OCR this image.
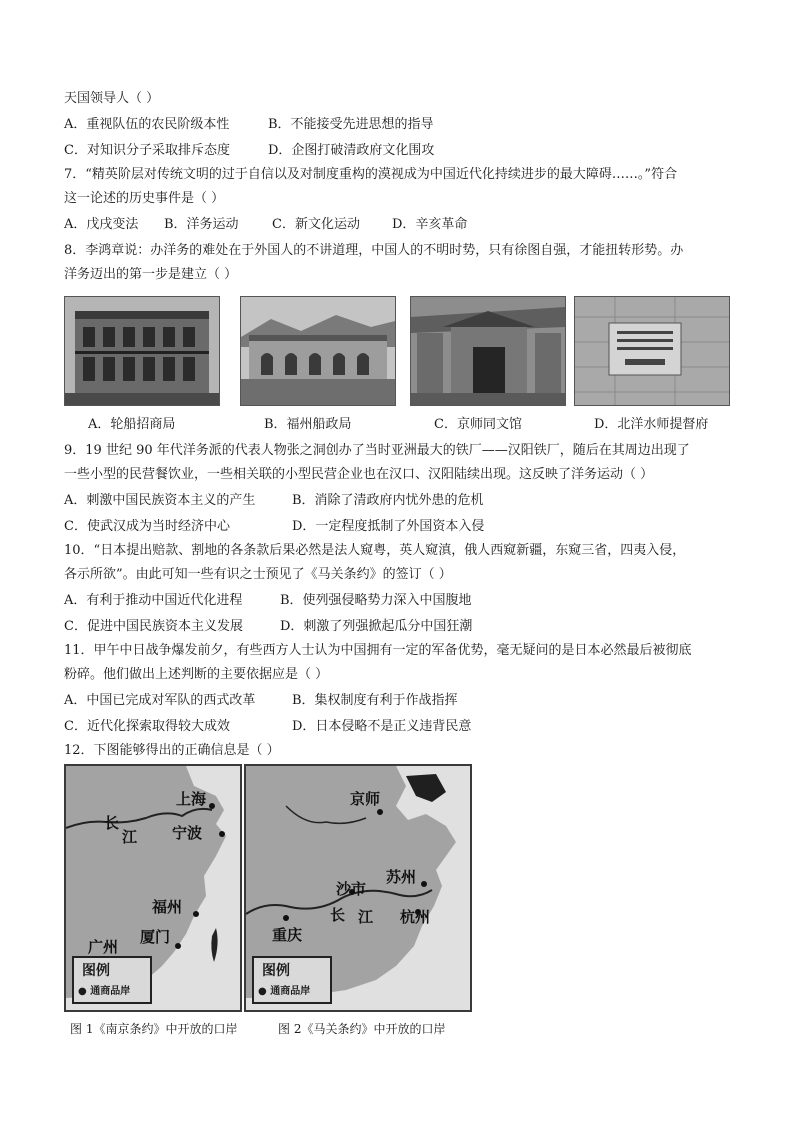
天国领导人（ ）
A．重视队伍的农民阶级本性	B．不能接受先进思想的指导
C．对知识分子采取排斥态度	D．企图打破清政府文化围攻
7．“精英阶层对传统文明的过于自信以及对制度重构的漠视成为中国近代化持续进步的最大障碍……。”符合
这一论述的历史事件是（ ）
A．戊戌变法 B．洋务运动	C．新文化运动 D．辛亥革命
8．李鸿章说：办洋务的难处在于外国人的不讲道理，中国人的不明时势，只有徐图自强，才能扭转形势。办
洋务迈出的第一步是建立（ ）
A．轮船招商局	B．福州船政局	C．京师同文馆	D．北洋水师提督府
9．19 世纪 90 年代洋务派的代表人物张之洞创办了当时亚洲最大的铁厂——汉阳铁厂，随后在其周边出现了
一些小型的民营餐饮业，一些相关联的小型民营企业也在汉口、汉阳陆续出现。这反映了洋务运动（ ）
A．刺激中国民族资本主义的产生	B．消除了清政府内忧外患的危机
C．使武汉成为当时经济中心	D．一定程度抵制了外国资本入侵
10．“日本提出赔款、割地的各条款后果必然是法人窥粤，英人窥滇，俄人西窥新疆，东窥三省，四夷入侵，
各示所欲”。由此可知一些有识之士预见了《马关条约》的签订（ ）
A．有利于推动中国近代化进程	B．使列强侵略势力深入中国腹地
C．促进中国民族资本主义发展	D．刺激了列强掀起瓜分中国狂潮
11．甲午中日战争爆发前夕，有些西方人士认为中国拥有一定的军备优势，毫无疑问的是日本必然最后被彻底
粉碎。他们做出上述判断的主要依据应是（ ）
A．中国已完成对军队的西式改革	B．集权制度有利于作战指挥
C．近代化探索取得较大成效	D．日本侵略不是正义违背民意
12．下图能够得出的正确信息是（ ）
上海
长
江 宁波
福州
厦门
广州
图例
● 通商品岸
京师
苏州
沙市
长 江 杭州
重庆
图例
● 通商品岸
图 1《南京条约》中开放的口岸	图 2《马关条约》中开放的口岸
